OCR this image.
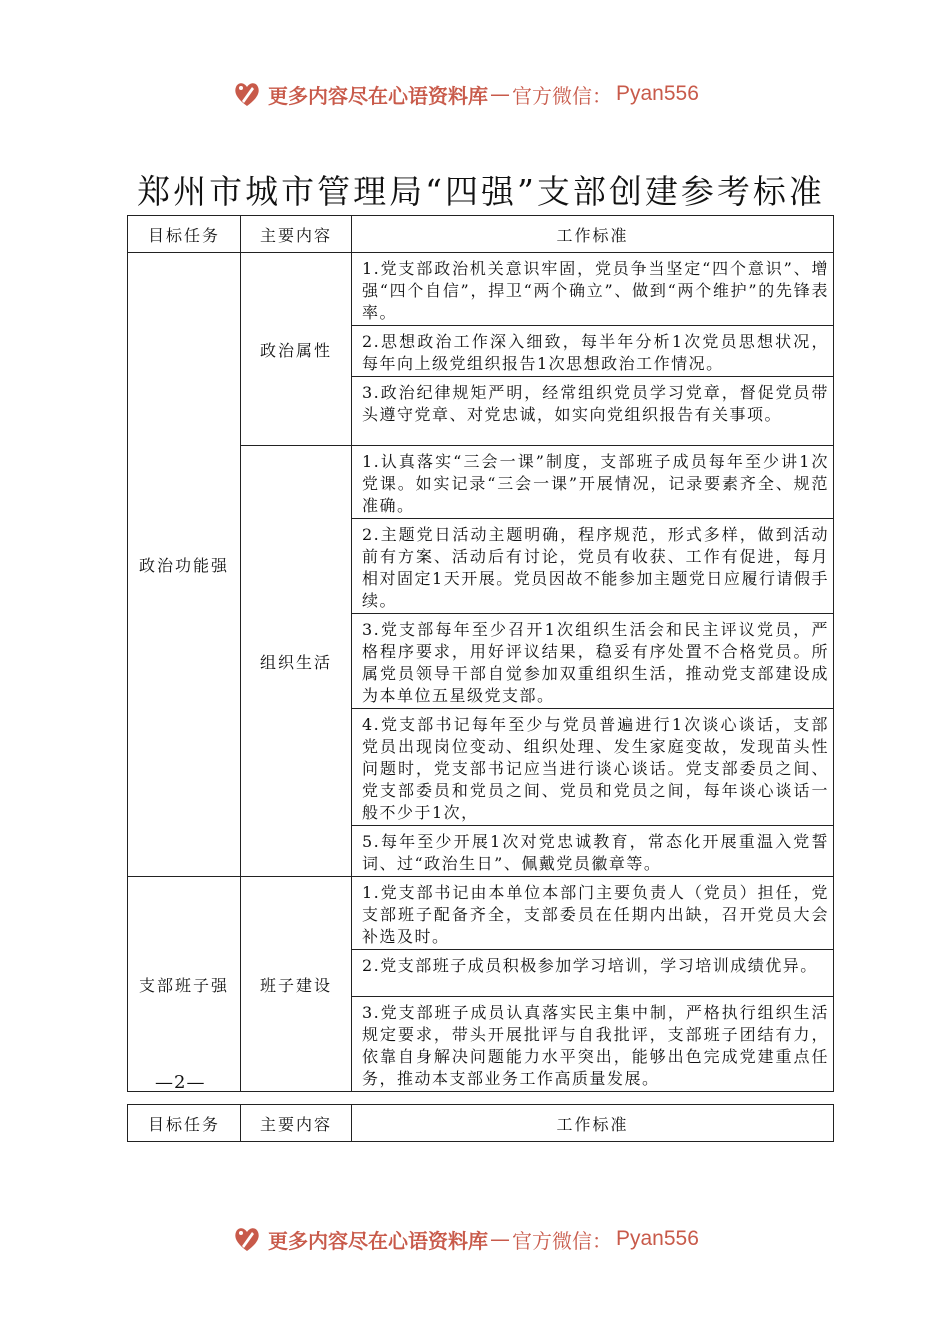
更多内容尽在心语资料库 — 官方微信： Pyan556
郑州市城市管理局“四强”支部创建参考标准
目标任务	主要内容	工作标准
政治功能强	政治属性	1.党支部政治机关意识牢固，党员争当坚定“四个意识”、增强“四个自信”，捍卫“两个确立”、做到“两个维护”的先锋表率。
		2.思想政治工作深入细致，每半年分析1次党员思想状况，每年向上级党组织报告1次思想政治工作情况。
		3.政治纪律规矩严明，经常组织党员学习党章，督促党员带头遵守党章、对党忠诚，如实向党组织报告有关事项。
	组织生活	1.认真落实“三会一课”制度，支部班子成员每年至少讲1次党课。如实记录“三会一课”开展情况，记录要素齐全、规范准确。
		2.主题党日活动主题明确，程序规范，形式多样，做到活动前有方案、活动后有讨论，党员有收获、工作有促进，每月相对固定1天开展。党员因故不能参加主题党日应履行请假手续。
		3.党支部每年至少召开1次组织生活会和民主评议党员，严格程序要求，用好评议结果，稳妥有序处置不合格党员。所属党员领导干部自觉参加双重组织生活，推动党支部建设成为本单位五星级党支部。
		4.党支部书记每年至少与党员普遍进行1次谈心谈话，支部党员出现岗位变动、组织处理、发生家庭变故，发现苗头性问题时，党支部书记应当进行谈心谈话。党支部委员之间、党支部委员和党员之间、党员和党员之间，每年谈心谈话一般不少于1次，
		5.每年至少开展1次对党忠诚教育，常态化开展重温入党誓词、过“政治生日”、佩戴党员徽章等。
支部班子强	班子建设	1.党支部书记由本单位本部门主要负责人（党员）担任，党支部班子配备齐全，支部委员在任期内出缺，召开党员大会补选及时。
		2.党支部班子成员积极参加学习培训，学习培训成绩优异。
		3.党支部班子成员认真落实民主集中制，严格执行组织生活规定要求，带头开展批评与自我批评，支部班子团结有力，依靠自身解决问题能力水平突出，能够出色完成党建重点任务，推动本支部业务工作高质量发展。
—2—
目标任务	主要内容	工作标准
更多内容尽在心语资料库 — 官方微信： Pyan556
